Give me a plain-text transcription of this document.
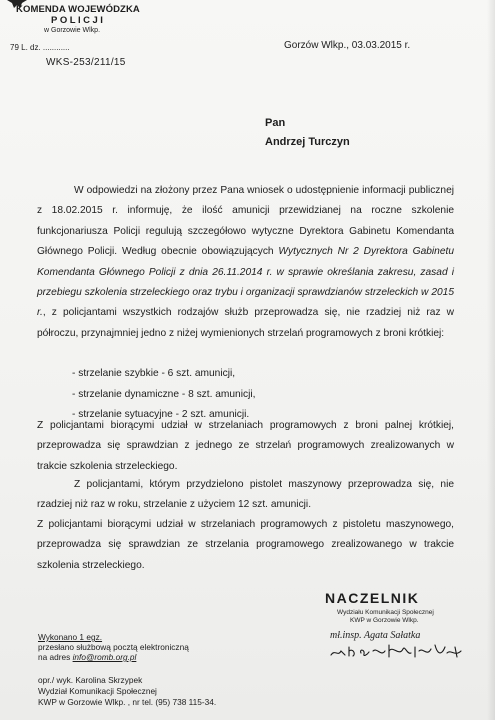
KOMENDA WOJEWÓDZKA
POLICJI
w Gorzowie Wlkp.
79 L. dz. ............
WKS-253/211/15
Gorzów Wlkp., 03.03.2015 r.
Pan
Andrzej Turczyn
W odpowiedzi na złożony przez Pana wniosek o udostępnienie informacji publicznej z 18.02.2015 r. informuję, że ilość amunicji przewidzianej na roczne szkolenie funkcjonariusza Policji regulują szczegółowo wytyczne Dyrektora Gabinetu Komendanta Głównego Policji. Według obecnie obowiązujących Wytycznych Nr 2 Dyrektora Gabinetu Komendanta Głównego Policji z dnia 26.11.2014 r. w sprawie określania zakresu, zasad i przebiegu szkolenia strzeleckiego oraz trybu i organizacji sprawdzianów strzeleckich w 2015 r., z policjantami wszystkich rodzajów służb przeprowadza się, nie rzadziej niż raz w półroczu, przynajmniej jedno z niżej wymienionych strzelań programowych z broni krótkiej:
- strzelanie szybkie - 6 szt. amunicji,
- strzelanie dynamiczne - 8 szt. amunicji,
- strzelanie sytuacyjne - 2 szt. amunicji.
Z policjantami biorącymi udział w strzelaniach programowych z broni palnej krótkiej, przeprowadza się sprawdzian z jednego ze strzelań programowych zrealizowanych w trakcie szkolenia strzeleckiego.
Z policjantami, którym przydzielono pistolet maszynowy przeprowadza się, nie rzadziej niż raz w roku, strzelanie z użyciem 12 szt. amunicji.
Z policjantami biorącymi udział w strzelaniach programowych z pistoletu maszynowego, przeprowadza się sprawdzian ze strzelania programowego zrealizowanego w trakcie szkolenia strzeleckiego.
NACZELNIK
Wydziału Komunikacji Społecznej
KWP w Gorzowie Wlkp.
mł.insp. Agata Sałatka
Wykonano 1 egz.
przesłano służbową pocztą elektroniczną
na adres info@romb.org.pl
opr./ wyk. Karolina Skrzypek
Wydział Komunikacji Społecznej
KWP w Gorzowie Wlkp. , nr tel. (95) 738 115-34.
